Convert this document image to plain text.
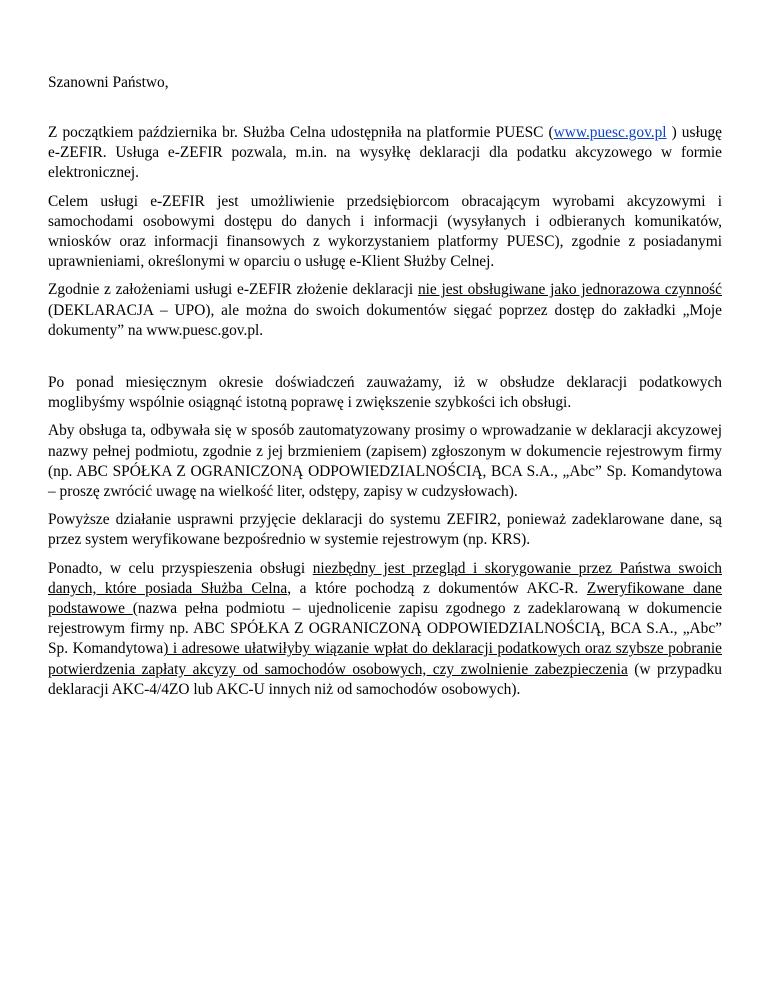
Szanowni Państwo,

Z początkiem października br. Służba Celna udostępniła na platformie PUESC (www.puesc.gov.pl ) usługę e-ZEFIR. Usługa e-ZEFIR pozwala, m.in. na wysyłkę deklaracji dla podatku akcyzowego w formie elektronicznej.

Celem usługi e-ZEFIR jest umożliwienie przedsiębiorcom obracającym wyrobami akcyzowymi i samochodami osobowymi dostępu do danych i informacji (wysyłanych i odbieranych komunikatów, wniosków oraz informacji finansowych z wykorzystaniem platformy PUESC), zgodnie z posiadanymi uprawnieniami, określonymi w oparciu o usługę e-Klient Służby Celnej.

Zgodnie z założeniami usługi e-ZEFIR złożenie deklaracji nie jest obsługiwane jako jednorazowa czynność (DEKLARACJA – UPO), ale można do swoich dokumentów sięgać poprzez dostęp do zakładki „Moje dokumenty” na www.puesc.gov.pl.

Po ponad miesięcznym okresie doświadczeń zauważamy, iż w obsłudze deklaracji podatkowych moglibyśmy wspólnie osiągnąć istotną poprawę i zwiększenie szybkości ich obsługi.

Aby obsługa ta, odbywała się w sposób zautomatyzowany prosimy o wprowadzanie w deklaracji akcyzowej nazwy pełnej podmiotu, zgodnie z jej brzmieniem (zapisem) zgłoszonym w dokumencie rejestrowym firmy (np. ABC SPÓŁKA Z OGRANICZONĄ ODPOWIEDZIALNOŚCIĄ, BCA S.A., „Abc” Sp. Komandytowa – proszę zwrócić uwagę na wielkość liter, odstępy, zapisy w cudzysłowach).

Powyższe działanie usprawni przyjęcie deklaracji do systemu ZEFIR2, ponieważ zadeklarowane dane, są przez system weryfikowane bezpośrednio w systemie rejestrowym (np. KRS).

Ponadto, w celu przyspieszenia obsługi niezbędny jest przegląd i skorygowanie przez Państwa swoich danych, które posiada Służba Celna, a które pochodzą z dokumentów AKC-R. Zweryfikowane dane podstawowe (nazwa pełna podmiotu – ujednolicenie zapisu zgodnego z zadeklarowaną w dokumencie rejestrowym firmy np. ABC SPÓŁKA Z OGRANICZONĄ ODPOWIEDZIALNOŚCIĄ, BCA S.A., „Abc” Sp. Komandytowa) i adresowe ułatwiłyby wiązanie wpłat do deklaracji podatkowych oraz szybsze pobranie potwierdzenia zapłaty akcyzy od samochodów osobowych, czy zwolnienie zabezpieczenia (w przypadku deklaracji AKC-4/4ZO lub AKC-U innych niż od samochodów osobowych).
